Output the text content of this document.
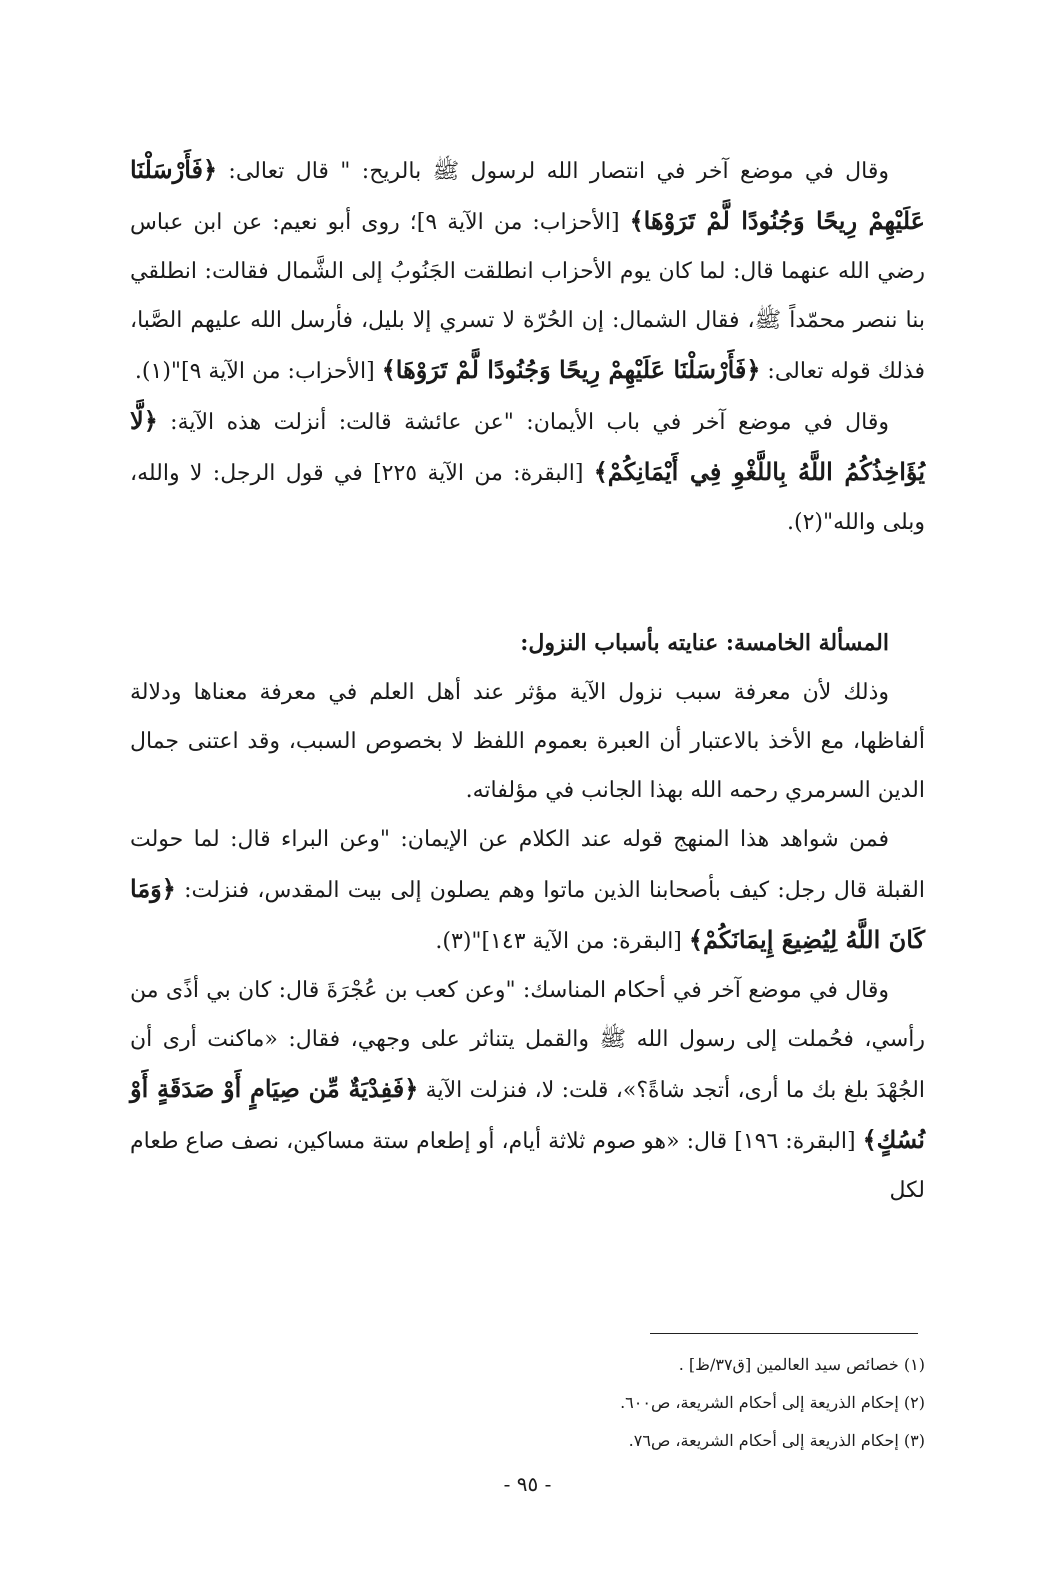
وقال في موضع آخر في انتصار الله لرسول ﷺ بالريح: " قال تعالى: ﴿فَأَرْسَلْنَا عَلَيْهِمْ رِيحًا وَجُنُودًا لَّمْ تَرَوْهَا﴾ [الأحزاب: من الآية ٩]؛ روى أبو نعيم: عن ابن عباس رضي الله عنهما قال: لما كان يوم الأحزاب انطلقت الجَنُوبُ إلى الشَّمال فقالت: انطلقي بنا ننصر محمّداً ﷺ، فقال الشمال: إن الحُرّة لا تسري إلا بليل، فأرسل الله عليهم الصَّبا، فذلك قوله تعالى: ﴿فَأَرْسَلْنَا عَلَيْهِمْ رِيحًا وَجُنُودًا لَّمْ تَرَوْهَا﴾ [الأحزاب: من الآية ٩]"(١).

وقال في موضع آخر في باب الأيمان: "عن عائشة قالت: أنزلت هذه الآية: ﴿لَّا يُؤَاخِذُكُمُ اللَّهُ بِاللَّغْوِ فِي أَيْمَانِكُمْ﴾ [البقرة: من الآية ٢٢٥] في قول الرجل: لا والله، وبلى والله"(٢).

المسألة الخامسة: عنايته بأسباب النزول:

وذلك لأن معرفة سبب نزول الآية مؤثر عند أهل العلم في معرفة معناها ودلالة ألفاظها، مع الأخذ بالاعتبار أن العبرة بعموم اللفظ لا بخصوص السبب، وقد اعتنى جمال الدين السرمري رحمه الله بهذا الجانب في مؤلفاته.

فمن شواهد هذا المنهج قوله عند الكلام عن الإيمان: "وعن البراء قال: لما حولت القبلة قال رجل: كيف بأصحابنا الذين ماتوا وهم يصلون إلى بيت المقدس، فنزلت: ﴿وَمَا كَانَ اللَّهُ لِيُضِيعَ إِيمَانَكُمْ﴾ [البقرة: من الآية ١٤٣]"(٣).

وقال في موضع آخر في أحكام المناسك: "وعن كعب بن عُجْرَةَ قال: كان بي أذًى من رأسي، فحُملت إلى رسول الله ﷺ والقمل يتناثر على وجهي، فقال: «ماكنت أرى أن الجُهْدَ بلغ بك ما أرى، أتجد شاةً؟»، قلت: لا، فنزلت الآية ﴿فَفِدْيَةٌ مِّن صِيَامٍ أَوْ صَدَقَةٍ أَوْ نُسُكٍ﴾ [البقرة: ١٩٦] قال: «هو صوم ثلاثة أيام، أو إطعام ستة مساكين، نصف صاع طعام لكل

(١) خصائص سيد العالمين [ق٣٧/ظ] .

(٢) إحكام الذريعة إلى أحكام الشريعة، ص٦٠٠.

(٣) إحكام الذريعة إلى أحكام الشريعة، ص٧٦.

- ٩٥ -
